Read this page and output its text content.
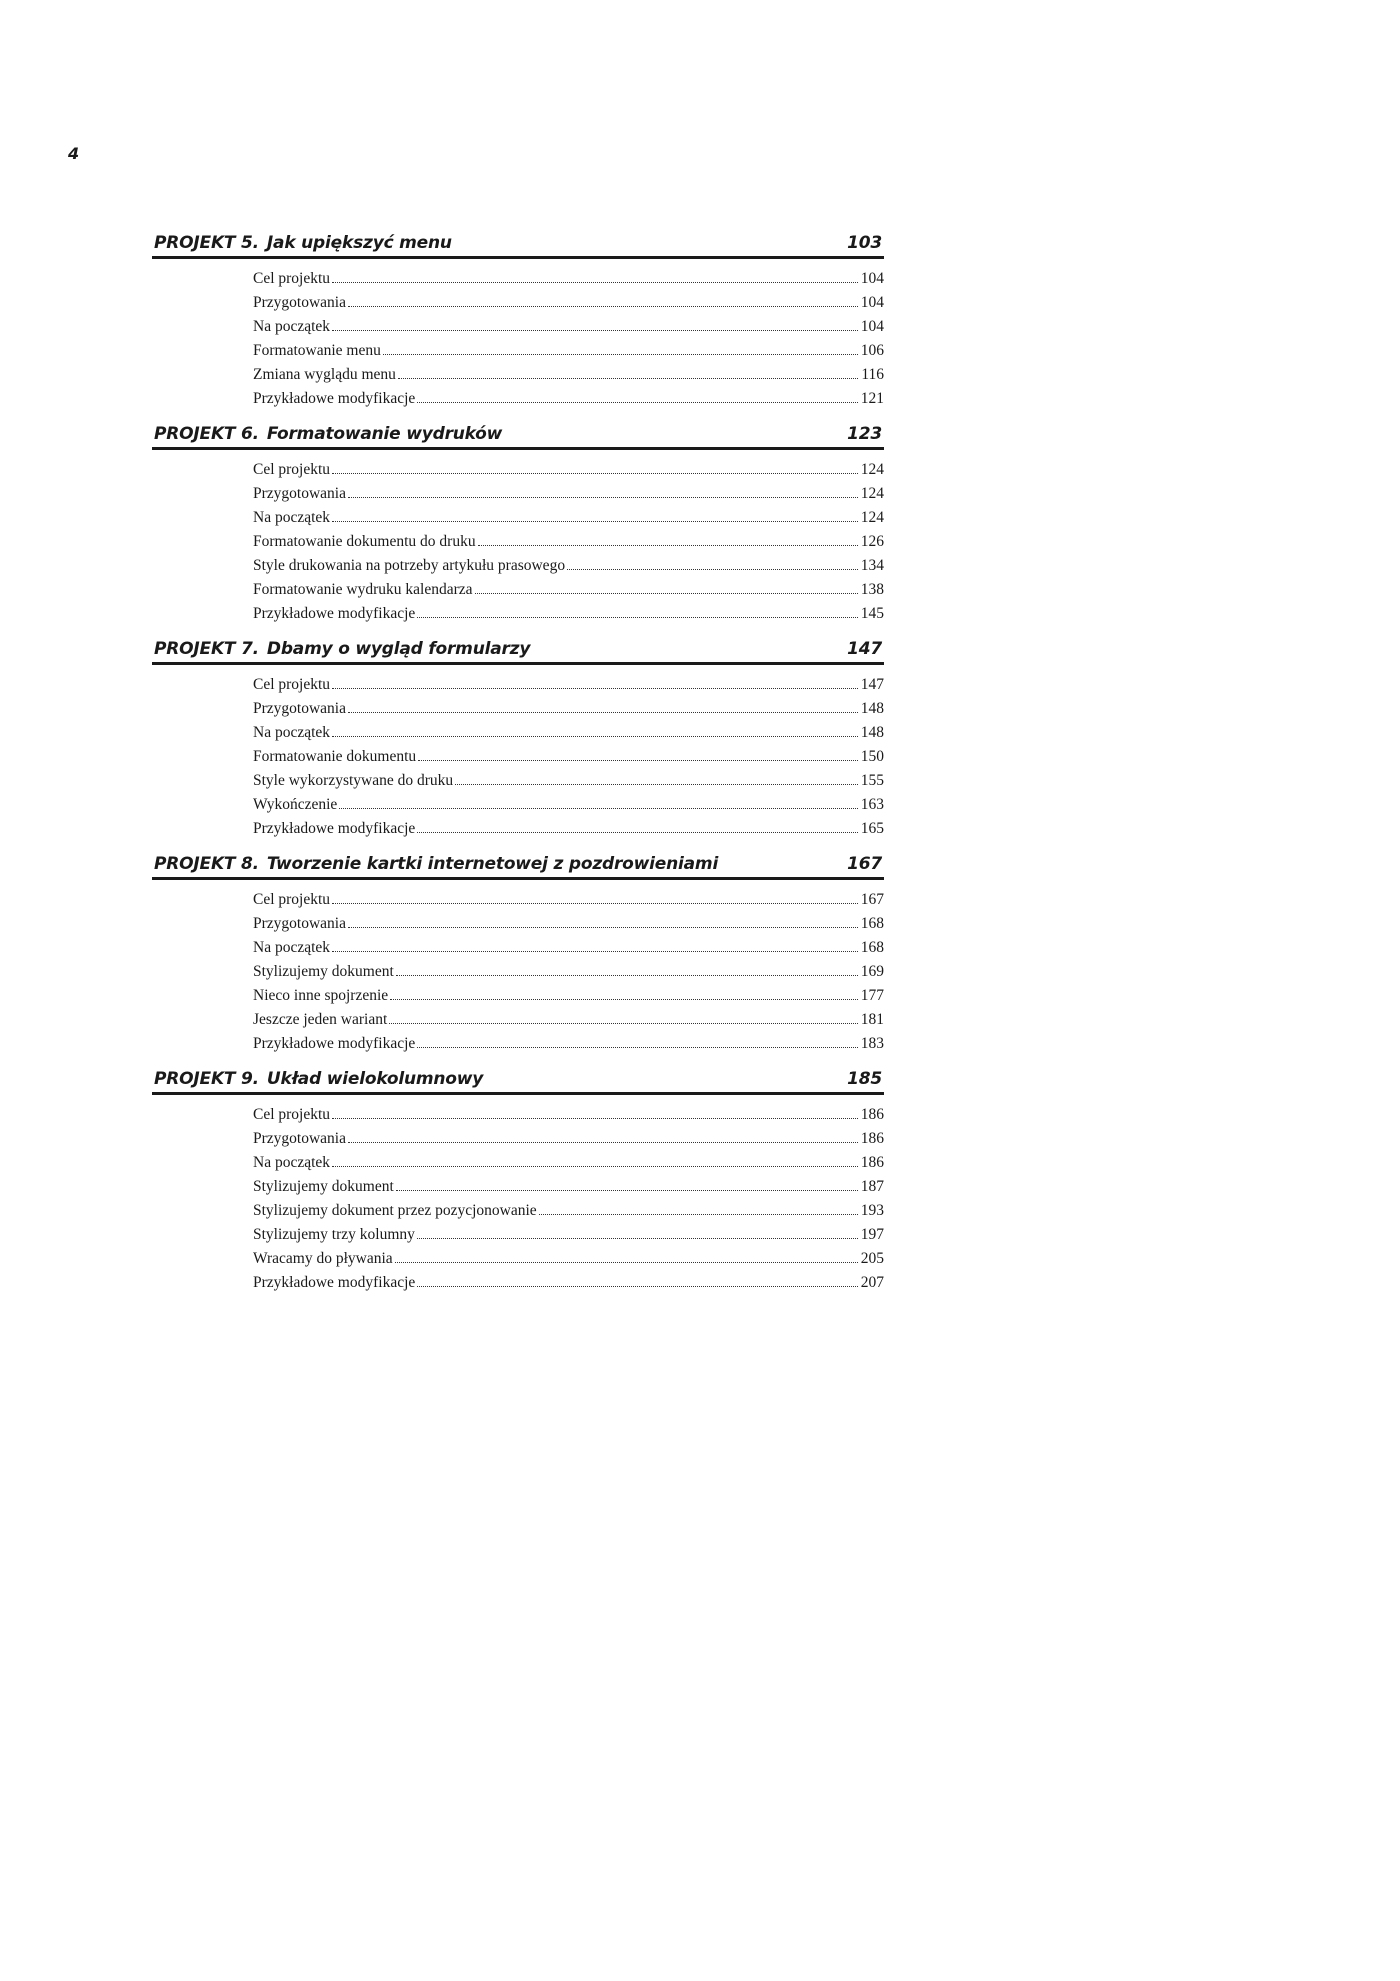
4
PROJEKT 5. Jak upiększyć menu	103
Cel projektu	104
Przygotowania	104
Na początek	104
Formatowanie menu	106
Zmiana wyglądu menu	116
Przykładowe modyfikacje	121
PROJEKT 6. Formatowanie wydruków	123
Cel projektu	124
Przygotowania	124
Na początek	124
Formatowanie dokumentu do druku	126
Style drukowania na potrzeby artykułu prasowego	134
Formatowanie wydruku kalendarza	138
Przykładowe modyfikacje	145
PROJEKT 7. Dbamy o wygląd formularzy	147
Cel projektu	147
Przygotowania	148
Na początek	148
Formatowanie dokumentu	150
Style wykorzystywane do druku	155
Wykończenie	163
Przykładowe modyfikacje	165
PROJEKT 8. Tworzenie kartki internetowej z pozdrowieniami	167
Cel projektu	167
Przygotowania	168
Na początek	168
Stylizujemy dokument	169
Nieco inne spojrzenie	177
Jeszcze jeden wariant	181
Przykładowe modyfikacje	183
PROJEKT 9. Układ wielokolumnowy	185
Cel projektu	186
Przygotowania	186
Na początek	186
Stylizujemy dokument	187
Stylizujemy dokument przez pozycjonowanie	193
Stylizujemy trzy kolumny	197
Wracamy do pływania	205
Przykładowe modyfikacje	207
